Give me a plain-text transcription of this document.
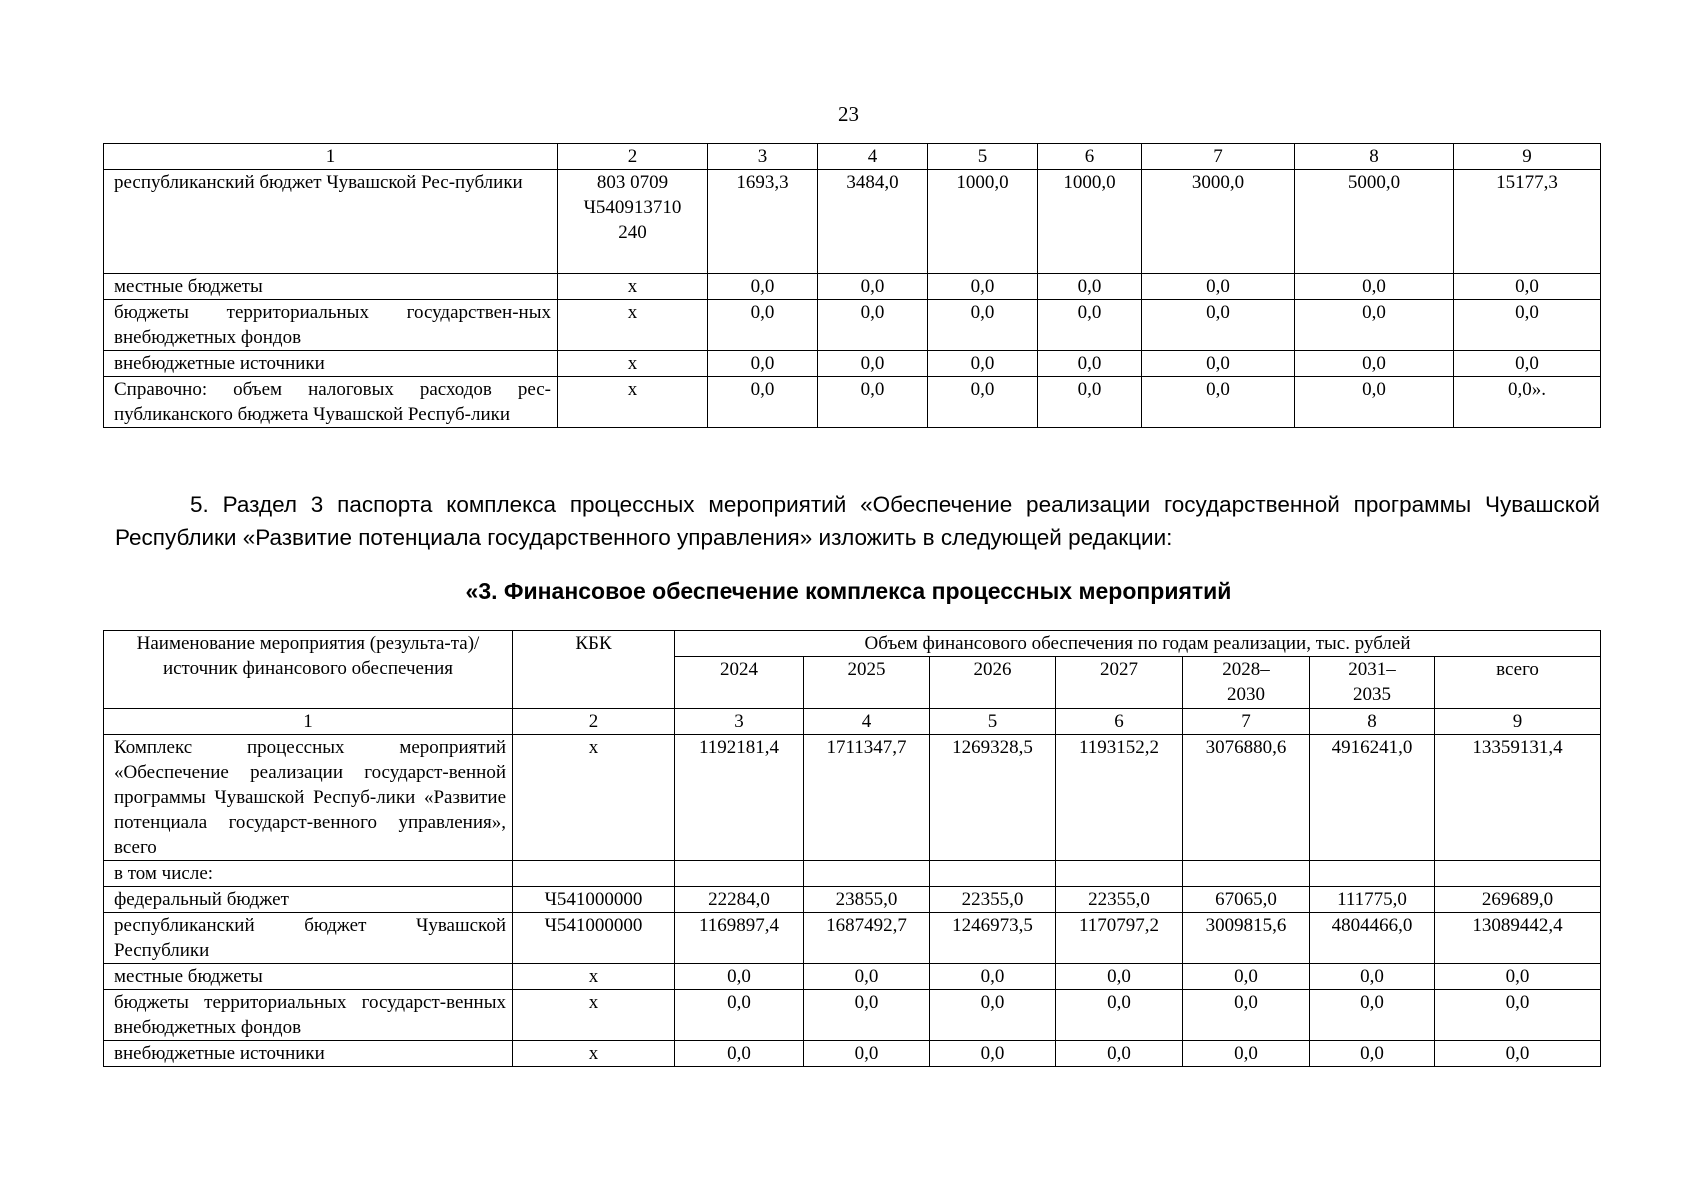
23
1	2	3	4	5	6	7	8	9
республиканский бюджет Чувашской Рес-публики	803 0709 Ч540913710 240	1693,3	3484,0	1000,0	1000,0	3000,0	5000,0	15177,3
местные бюджеты	х	0,0	0,0	0,0	0,0	0,0	0,0	0,0
бюджеты территориальных государствен-ных внебюджетных фондов	х	0,0	0,0	0,0	0,0	0,0	0,0	0,0
внебюджетные источники	х	0,0	0,0	0,0	0,0	0,0	0,0	0,0
Справочно: объем налоговых расходов рес-публиканского бюджета Чувашской Респуб-лики	х	0,0	0,0	0,0	0,0	0,0	0,0	0,0».

5. Раздел 3 паспорта комплекса процессных мероприятий «Обеспечение реализации государственной программы Чувашской Республики «Развитие потенциала государственного управления» изложить в следующей редакции:

«3. Финансовое обеспечение комплекса процессных мероприятий
Наименование мероприятия (результа-та)/источник финансового обеспечения	КБК	Объем финансового обеспечения по годам реализации, тыс. рублей						
		2024	2025	2026	2027	2028–2030	2031–2035	всего
1	2	3	4	5	6	7	8	9
Комплекс процессных мероприятий «Обеспечение реализации государст-венной программы Чувашской Респуб-лики «Развитие потенциала государст-венного управления», всего	х	1192181,4	1711347,7	1269328,5	1193152,2	3076880,6	4916241,0	13359131,4
в том числе:								
федеральный бюджет	Ч541000000	22284,0	23855,0	22355,0	22355,0	67065,0	111775,0	269689,0
республиканский бюджет Чувашской Республики	Ч541000000	1169897,4	1687492,7	1246973,5	1170797,2	3009815,6	4804466,0	13089442,4
местные бюджеты	х	0,0	0,0	0,0	0,0	0,0	0,0	0,0
бюджеты территориальных государст-венных внебюджетных фондов	х	0,0	0,0	0,0	0,0	0,0	0,0	0,0
внебюджетные источники	х	0,0	0,0	0,0	0,0	0,0	0,0	0,0
